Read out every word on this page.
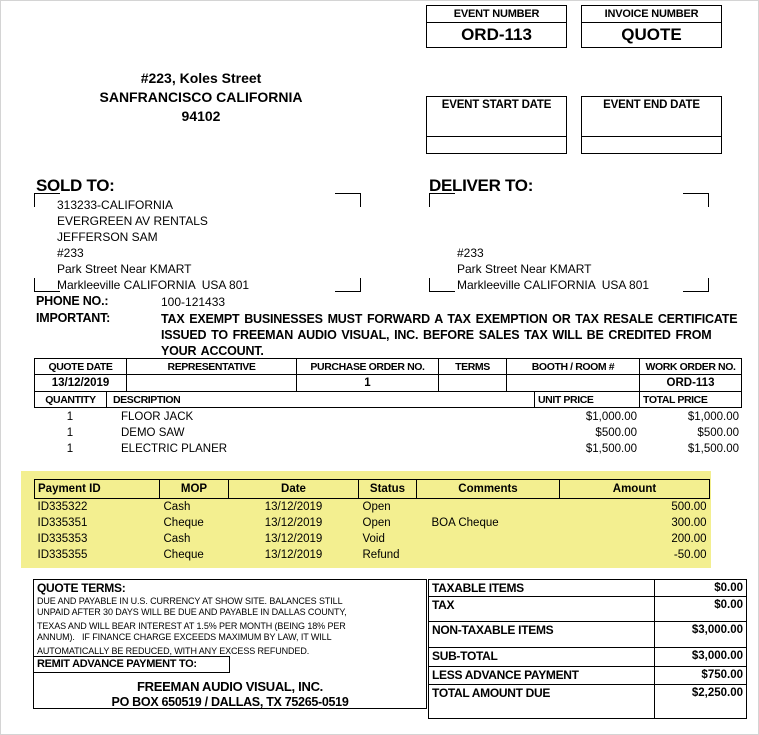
EVENT NUMBER
ORD-113
INVOICE NUMBER
QUOTE
#223, Koles Street
SANFRANCISCO CALIFORNIA
94102
EVENT START DATE	EVENT END DATE
SOLD TO:
313233-CALIFORNIA
EVERGREEN AV RENTALS
JEFFERSON SAM
#233
Park Street Near KMART
Markleeville CALIFORNIA  USA 801
DELIVER TO:
#233
Park Street Near KMART
Markleeville CALIFORNIA  USA 801
PHONE NO.:	100-121433
IMPORTANT:	TAX EXEMPT BUSINESSES MUST FORWARD A TAX EXEMPTION OR TAX RESALE CERTIFICATE ISSUED TO FREEMAN AUDIO VISUAL, INC. BEFORE SALES TAX WILL BE CREDITED FROM YOUR ACCOUNT.
QUOTE DATE	REPRESENTATIVE	PURCHASE ORDER NO.	TERMS	BOOTH / ROOM #	WORK ORDER NO.
13/12/2019		1			ORD-113
QUANTITY	DESCRIPTION	UNIT PRICE	TOTAL PRICE
1	FLOOR JACK	$1,000.00	$1,000.00
1	DEMO SAW	$500.00	$500.00
1	ELECTRIC PLANER	$1,500.00	$1,500.00
Payment ID	MOP	Date	Status	Comments	Amount
ID335322	Cash	13/12/2019	Open		500.00
ID335351	Cheque	13/12/2019	Open	BOA Cheque	300.00
ID335353	Cash	13/12/2019	Void		200.00
ID335355	Cheque	13/12/2019	Refund		-50.00
QUOTE TERMS:
DUE AND PAYABLE IN U.S. CURRENCY AT SHOW SITE. BALANCES STILL
UNPAID AFTER 30 DAYS WILL BE DUE AND PAYABLE IN DALLAS COUNTY,
TEXAS AND WILL BEAR INTEREST AT 1.5% PER MONTH (BEING 18% PER
ANNUM).   IF FINANCE CHARGE EXCEEDS MAXIMUM BY LAW, IT WILL
AUTOMATICALLY BE REDUCED, WITH ANY EXCESS REFUNDED.
REMIT ADVANCE PAYMENT TO:
FREEMAN AUDIO VISUAL, INC.
PO BOX 650519 / DALLAS, TX 75265-0519
TAXABLE ITEMS	$0.00
TAX	$0.00
NON-TAXABLE ITEMS	$3,000.00
SUB-TOTAL	$3,000.00
LESS ADVANCE PAYMENT	$750.00
TOTAL AMOUNT DUE	$2,250.00
